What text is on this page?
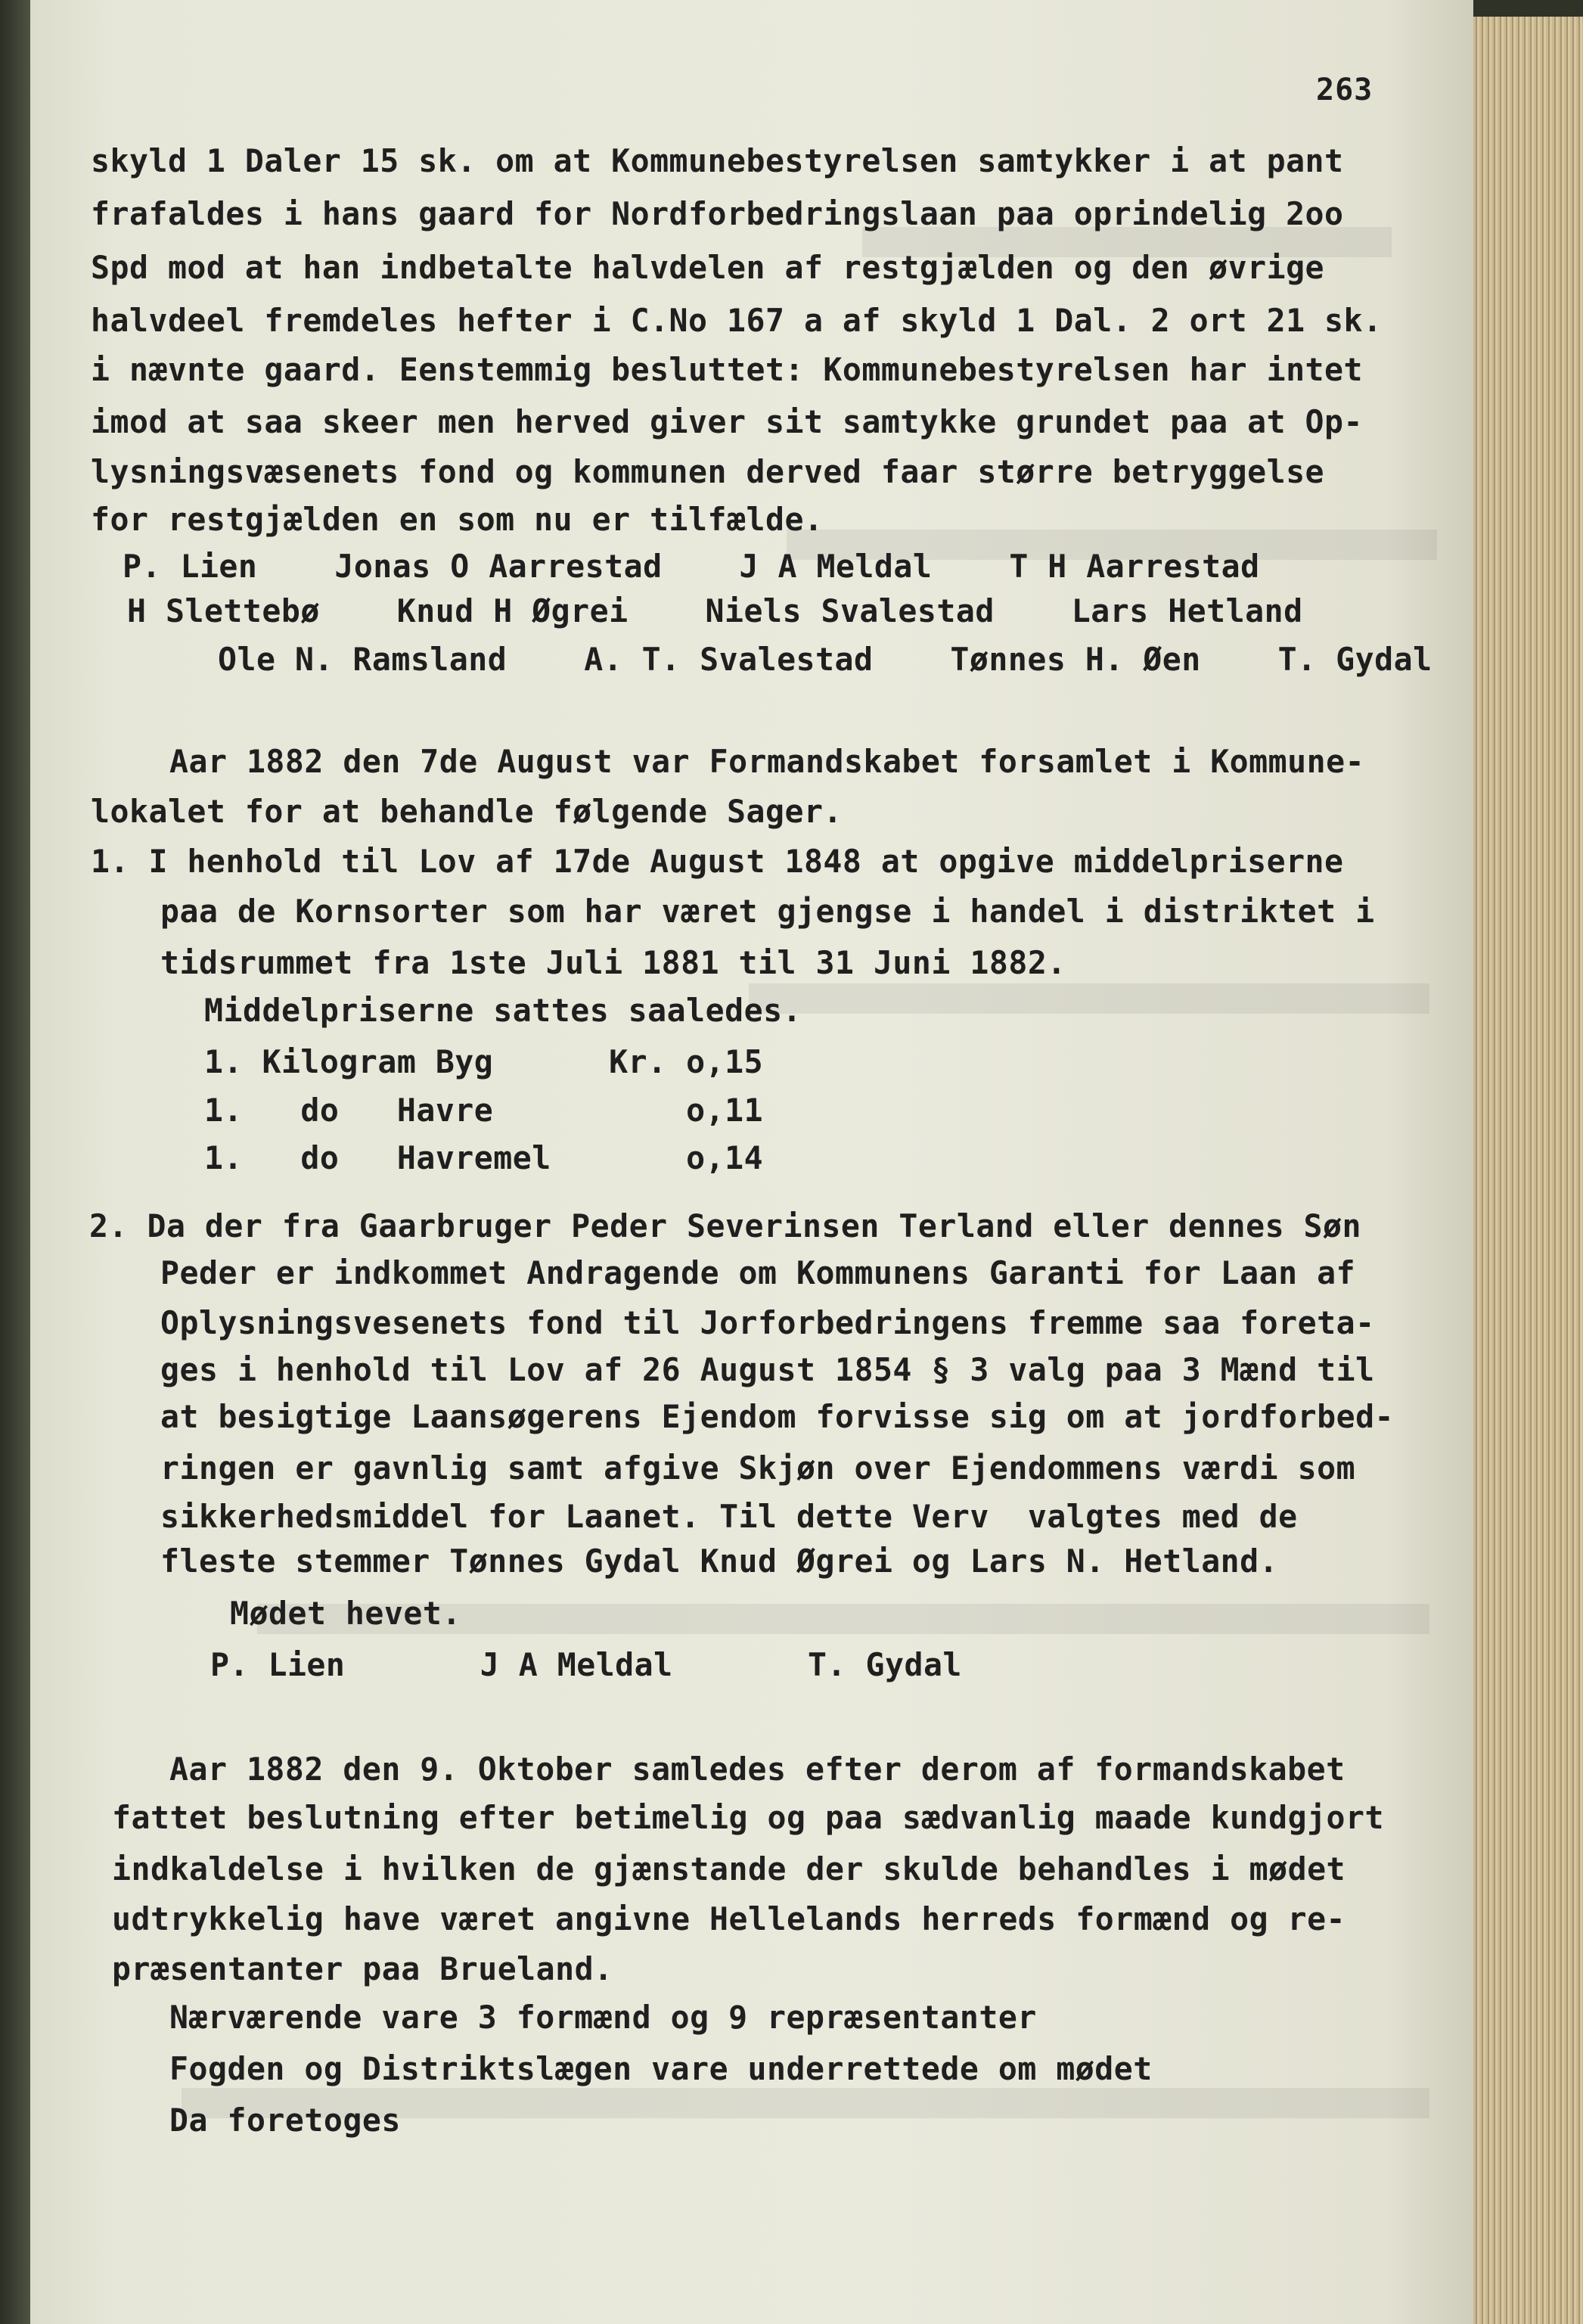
263
skyld 1 Daler 15 sk. om at Kommunebestyrelsen samtykker i at pant
frafaldes i hans gaard for Nordforbedringslaan paa oprindelig 2oo
Spd mod at han indbetalte halvdelen af restgjælden og den øvrige
halvdeel fremdeles hefter i C.No 167 a af skyld 1 Dal. 2 ort 21 sk.
i nævnte gaard. Eenstemmig besluttet: Kommunebestyrelsen har intet
imod at saa skeer men herved giver sit samtykke grundet paa at Op-
lysningsvæsenets fond og kommunen derved faar større betryggelse
for restgjælden en som nu er tilfælde.
P. Lien    Jonas O Aarrestad    J A Meldal    T H Aarrestad
H Slettebø    Knud H Øgrei    Niels Svalestad    Lars Hetland
Ole N. Ramsland    A. T. Svalestad    Tønnes H. Øen    T. Gydal
Aar 1882 den 7de August var Formandskabet forsamlet i Kommune-
lokalet for at behandle følgende Sager.
1. I henhold til Lov af 17de August 1848 at opgive middelpriserne
paa de Kornsorter som har været gjengse i handel i distriktet i
tidsrummet fra 1ste Juli 1881 til 31 Juni 1882.
Middelpriserne sattes saaledes.
1. Kilogram Byg      Kr. o,15
1.   do   Havre          o,11
1.   do   Havremel       o,14
2. Da der fra Gaarbruger Peder Severinsen Terland eller dennes Søn
Peder er indkommet Andragende om Kommunens Garanti for Laan af
Oplysningsvesenets fond til Jorforbedringens fremme saa foreta-
ges i henhold til Lov af 26 August 1854 § 3 valg paa 3 Mænd til
at besigtige Laansøgerens Ejendom forvisse sig om at jordforbed-
ringen er gavnlig samt afgive Skjøn over Ejendommens værdi som
sikkerhedsmiddel for Laanet. Til dette Verv  valgtes med de
fleste stemmer Tønnes Gydal Knud Øgrei og Lars N. Hetland.
Mødet hevet.
P. Lien       J A Meldal       T. Gydal
Aar 1882 den 9. Oktober samledes efter derom af formandskabet
fattet beslutning efter betimelig og paa sædvanlig maade kundgjort
indkaldelse i hvilken de gjænstande der skulde behandles i mødet
udtrykkelig have været angivne Hellelands herreds formænd og re-
præsentanter paa Brueland.
Nærværende vare 3 formænd og 9 repræsentanter
Fogden og Distriktslægen vare underrettede om mødet
Da foretoges
